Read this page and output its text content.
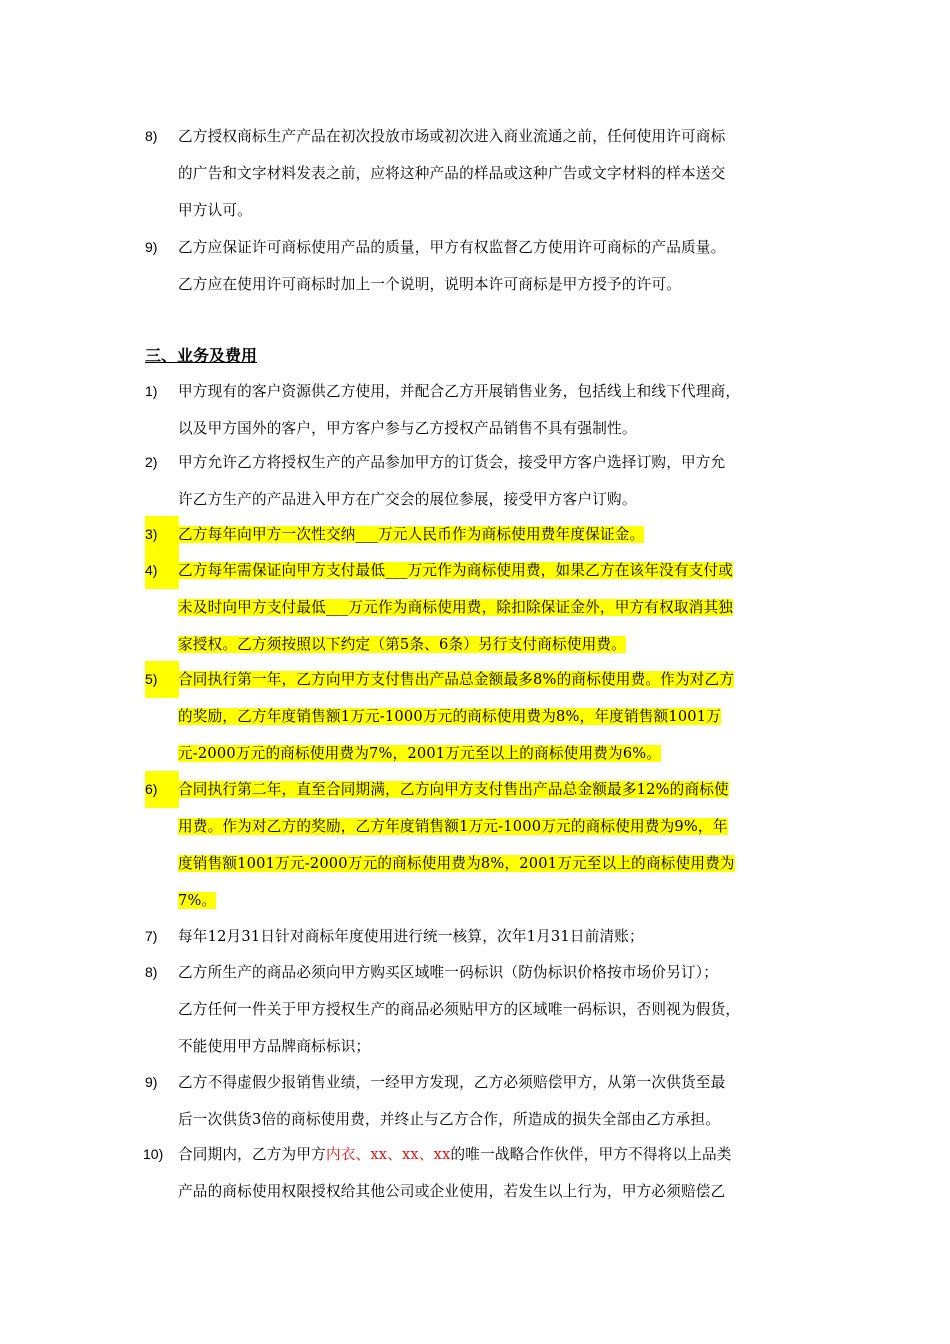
8)	乙方授权商标生产产品在初次投放市场或初次进入商业流通之前，任何使用许可商标
的广告和文字材料发表之前，应将这种产品的样品或这种广告或文字材料的样本送交
甲方认可。
9)	乙方应保证许可商标使用产品的质量，甲方有权监督乙方使用许可商标的产品质量。
乙方应在使用许可商标时加上一个说明，说明本许可商标是甲方授予的许可。
三、业务及费用
1)	甲方现有的客户资源供乙方使用，并配合乙方开展销售业务，包括线上和线下代理商，
以及甲方国外的客户，甲方客户参与乙方授权产品销售不具有强制性。
2)	甲方允许乙方将授权生产的产品参加甲方的订货会，接受甲方客户选择订购，甲方允
许乙方生产的产品进入甲方在广交会的展位参展，接受甲方客户订购。
3)	乙方每年向甲方一次性交纳___万元人民币作为商标使用费年度保证金。
4)	乙方每年需保证向甲方支付最低___万元作为商标使用费，如果乙方在该年没有支付或
未及时向甲方支付最低___万元作为商标使用费，除扣除保证金外，甲方有权取消其独
家授权。乙方须按照以下约定（第5条、6条）另行支付商标使用费。
5)	合同执行第一年，乙方向甲方支付售出产品总金额最多8%的商标使用费。作为对乙方
的奖励，乙方年度销售额1万元-1000万元的商标使用费为8%，年度销售额1001万
元-2000万元的商标使用费为7%，2001万元至以上的商标使用费为6%。
6)	合同执行第二年，直至合同期满，乙方向甲方支付售出产品总金额最多12%的商标使
用费。作为对乙方的奖励，乙方年度销售额1万元-1000万元的商标使用费为9%，年
度销售额1001万元-2000万元的商标使用费为8%，2001万元至以上的商标使用费为
7%。
7)	每年12月31日针对商标年度使用进行统一核算，次年1月31日前清账；
8)	乙方所生产的商品必须向甲方购买区域唯一码标识（防伪标识价格按市场价另订）；
乙方任何一件关于甲方授权生产的商品必须贴甲方的区域唯一码标识，否则视为假货，
不能使用甲方品牌商标标识；
9)	乙方不得虚假少报销售业绩，一经甲方发现，乙方必须赔偿甲方，从第一次供货至最
后一次供货3倍的商标使用费，并终止与乙方合作，所造成的损失全部由乙方承担。
10)	合同期内，乙方为甲方内衣、xx、xx、xx的唯一战略合作伙伴，甲方不得将以上品类
产品的商标使用权限授权给其他公司或企业使用，若发生以上行为，甲方必须赔偿乙
